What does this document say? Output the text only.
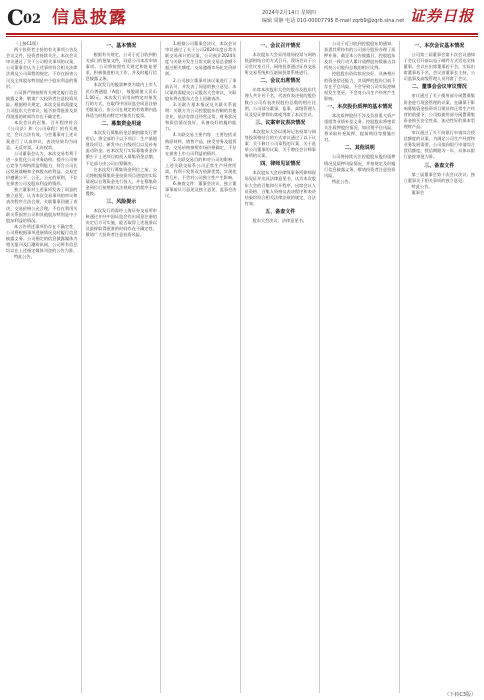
C 02 信息披露	2024年2月14日 星期四
编辑 周静 电话 010-00007795 E-mail zqrb9@zqrb.sina.net 证券日报

（上接C1版）

两个投资者主持的有关事项公告及会议文件，投资者持续关注。本次会议审议通过了关于公司相关事项的议案，公司董事会认为上述事项符合相关法律法规及公司章程的规定，不存在损害公司及全体股东特别是中小股东利益的情形。

公司将严格按照有关规定履行信息披露义务，敬请广大投资者注意投资风险。根据相关规定，本次交易尚需提交公司股东大会审议，能否获得批准及获得批准的时间均存在不确定性。

本次会议的召集、召开程序符合《公司法》和《公司章程》的有关规定，会议合法有效。与会董事对上述议案进行了认真审议，表决结果均为同意，无反对票，无弃权票。

公司董事会认为，本次交易有利于进一步优化公司业务结构，提升公司核心竞争力和持续盈利能力，符合公司长远发展战略和全体股东的利益。交易定价遵循公平、公正、公允的原则，不存在损害公司及股东利益的情形。

独立董事对上述事项发表了同意的独立意见，认为本次交易事项的审议和表决程序合法合规，关联董事回避了表决，交易价格公允合理，不存在利用关联关系损害公司和其他股东特别是中小股东利益的情况。

本公告所述事项仍存在不确定性，公司将根据事项进展情况及时履行信息披露义务。公司指定的信息披露媒体为相关报刊及巨潮资讯网，公司所有信息均以在上述指定媒体刊登的公告为准。

特此公告。

一、基本情况

根据有关规定，公司于近日收到相关部门的批复文件，同意公司本次申请事项。公司将按照有关规定和批复要求，积极推进相关工作，并及时履行信息披露义务。

本次发行的股票种类为境内上市人民币普通股（A股），每股面值人民币1.00元。本次发行采用向特定对象发行的方式，在取得中国证监会同意注册的批复后，由公司在规定的有效期内选择适当时机向特定对象发行股票。

二、募集资金用途

本次发行募集资金总额扣除发行费用后，将全部用于以下项目：生产基地建设项目、研发中心升级项目以及补充流动资金。若本次发行实际募集资金净额少于上述项目拟投入募集资金总额，不足部分由公司自筹解决。

在本次发行募集资金到位之前，公司将根据募集资金投资项目进度的实际情况以自筹资金先行投入，并在募集资金到位后按照相关法规规定的程序予以置换。

三、风险提示

本次发行尚需经上海证券交易所审核通过并经中国证监会作出同意注册的决定后方可实施，能否取得上述批准以及最终取得批准的时间存在不确定性。敬请广大投资者注意投资风险。

1.根据公司董事会决议，本次会议审议通过了关于公司2024年度日常关联交易预计的议案。公司预计2024年度与关联方发生日常关联交易总金额不超过相关额度，交易遵循市场化定价原则。

2.公司独立董事对该议案进行了事前认可，并发表了同意的独立意见。本议案尚需提交公司股东大会审议，关联股东将在股东大会上回避表决。

3.关联方基本情况及关联关系说明：关联方为公司控股股东控制的其他企业，依法存续且经营正常，财务状况和资信情况良好，具备良好的履约能力。

4.关联交易主要内容：主要包括采购原材料、销售产品、接受劳务及租赁等，交易价格参照市场价格确定，不存在损害上市公司利益的情形。

5.关联交易目的和对公司的影响：上述关联交易系公司正常生产经营所需，有利于发挥双方资源优势，实现优势互补，不会对公司独立性产生影响。

6.备查文件：董事会决议、独立董事事前认可意见及独立意见、监事会决议。

一、会议召开情况

本次股东大会采用现场投票与网络投票相结合的方式召开。现场会议于公司会议室召开，网络投票通过证券交易所交易系统和互联网投票系统进行。

二、会议出席情况

出席本次股东大会的股东及股东代理人共计若干名，代表有表决权的股份数占公司有表决权股份总数的相应比例。公司部分董事、监事、高级管理人员及见证律师出席或列席了本次会议。

三、议案审议表决情况

本次股东大会以现场记名投票与网络投票相结合的方式审议通过了以下议案：关于修订公司章程的议案、关于选举公司董事的议案、关于聘任会计师事务所的议案。

四、律师见证情况

本次股东大会经律师事务所律师现场见证并出具法律意见书，认为本次股东大会的召集和召开程序、出席会议人员资格、召集人资格及表决程序和表决结果均符合相关法律法规的规定，合法有效。

五、备查文件

股东大会决议；法律意见书。

公司于近日收到控股股东的通知，获悉其所持有的公司部分股份办理了质押业务。截至本公告披露日，控股股东及其一致行动人累计质押股份数量占其所持公司股份总数的相应比例。

控股股东资信状况良好，具备相应的资金偿还能力，其质押的股份目前不存在平仓风险，不会导致公司实际控制权发生变更，不会对公司生产经营产生影响。

一、本次股份质押的基本情况

本次质押股份不涉及负担重大资产重组等业绩补偿义务。控股股东将密切关注质押股份情况，如出现平仓风险，将采取补充质押、提前购回等措施应对。

二、其他说明

公司将持续关注控股股东股份质押情况及质押风险情况，并按规定及时履行信息披露义务，敬请投资者注意投资风险。

特此公告。

一、本次会议基本情况

公司第三届董事会第十次会议通知于会议召开前以电子邮件方式送达全体董事。会议应出席董事若干名，实际出席董事若干名，会议由董事长主持，公司监事及高级管理人员列席了会议。

二、董事会会议审议情况

审议通过了关于使用部分闲置募集资金进行现金管理的议案。在确保不影响募集资金投资项目建设和正常生产经营的前提下，公司拟使用部分闲置募集资金购买安全性高、流动性好的保本型理财产品。

审议通过了关于向银行申请综合授信额度的议案。为满足公司生产经营和业务发展需要，公司拟向银行申请综合授信额度，授信期限为一年，具体以银行最终审批为准。

三、备查文件

第三届董事会第十次会议决议；独立董事关于相关事项的独立意见。

特此公告。

董事会

（下转C3版）
